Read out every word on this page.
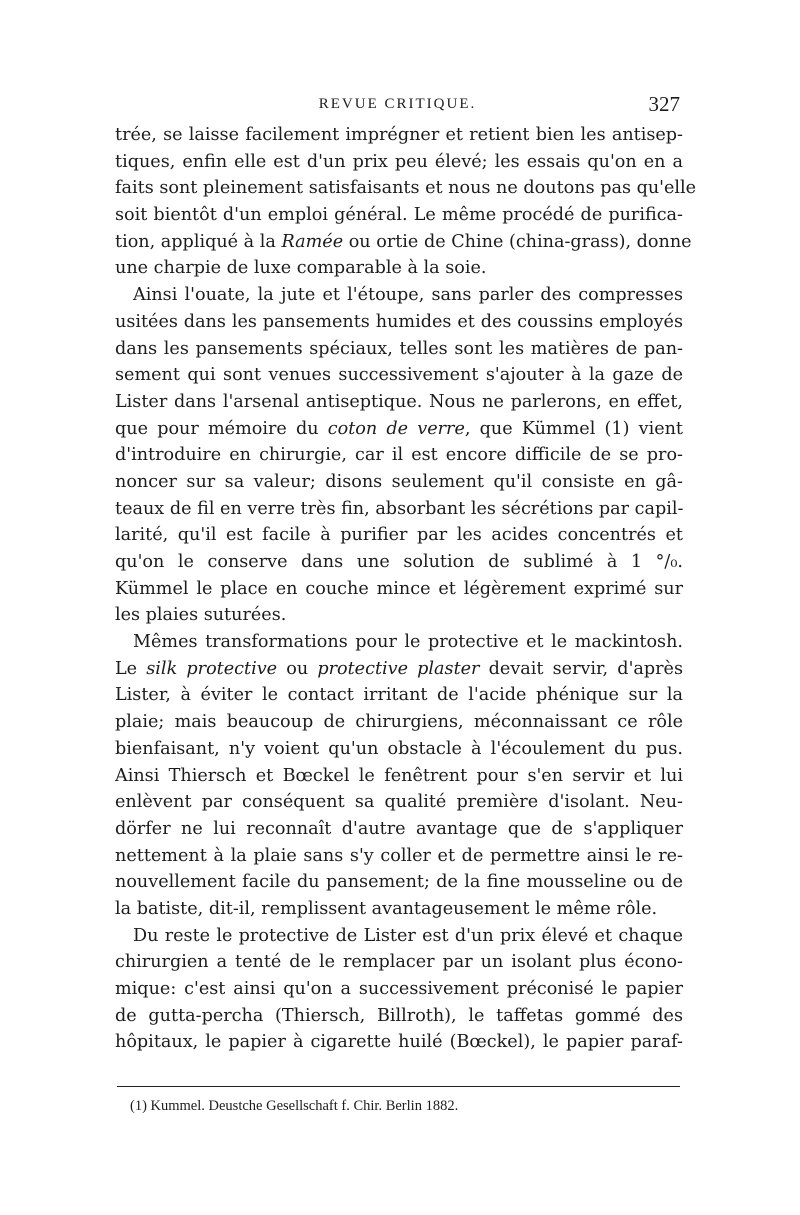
REVUE CRITIQUE.	327
trée, se laisse facilement imprégner et retient bien les antisep-
tiques, enfin elle est d'un prix peu élevé; les essais qu'on en a
faits sont pleinement satisfaisants et nous ne doutons pas qu'elle
soit bientôt d'un emploi général. Le même procédé de purifica-
tion, appliqué à la Ramée ou ortie de Chine (china-grass), donne
une charpie de luxe comparable à la soie.
Ainsi l'ouate, la jute et l'étoupe, sans parler des compresses
usitées dans les pansements humides et des coussins employés
dans les pansements spéciaux, telles sont les matières de pan-
sement qui sont venues successivement s'ajouter à la gaze de
Lister dans l'arsenal antiseptique. Nous ne parlerons, en effet,
que pour mémoire du coton de verre, que Kümmel (1) vient
d'introduire en chirurgie, car il est encore difficile de se pro-
noncer sur sa valeur; disons seulement qu'il consiste en gâ-
teaux de fil en verre très fin, absorbant les sécrétions par capil-
larité, qu'il est facile à purifier par les acides concentrés et
qu'on le conserve dans une solution de sublimé à 1 °/₀.
Kümmel le place en couche mince et légèrement exprimé sur
les plaies suturées.
Mêmes transformations pour le protective et le mackintosh.
Le silk protective ou protective plaster devait servir, d'après
Lister, à éviter le contact irritant de l'acide phénique sur la
plaie; mais beaucoup de chirurgiens, méconnaissant ce rôle
bienfaisant, n'y voient qu'un obstacle à l'écoulement du pus.
Ainsi Thiersch et Bœckel le fenêtrent pour s'en servir et lui
enlèvent par conséquent sa qualité première d'isolant. Neu-
dörfer ne lui reconnaît d'autre avantage que de s'appliquer
nettement à la plaie sans s'y coller et de permettre ainsi le re-
nouvellement facile du pansement; de la fine mousseline ou de
la batiste, dit-il, remplissent avantageusement le même rôle.
Du reste le protective de Lister est d'un prix élevé et chaque
chirurgien a tenté de le remplacer par un isolant plus écono-
mique: c'est ainsi qu'on a successivement préconisé le papier
de gutta-percha (Thiersch, Billroth), le taffetas gommé des
hôpitaux, le papier à cigarette huilé (Bœckel), le papier paraf-
(1) Kummel. Deustche Gesellschaft f. Chir. Berlin 1882.
